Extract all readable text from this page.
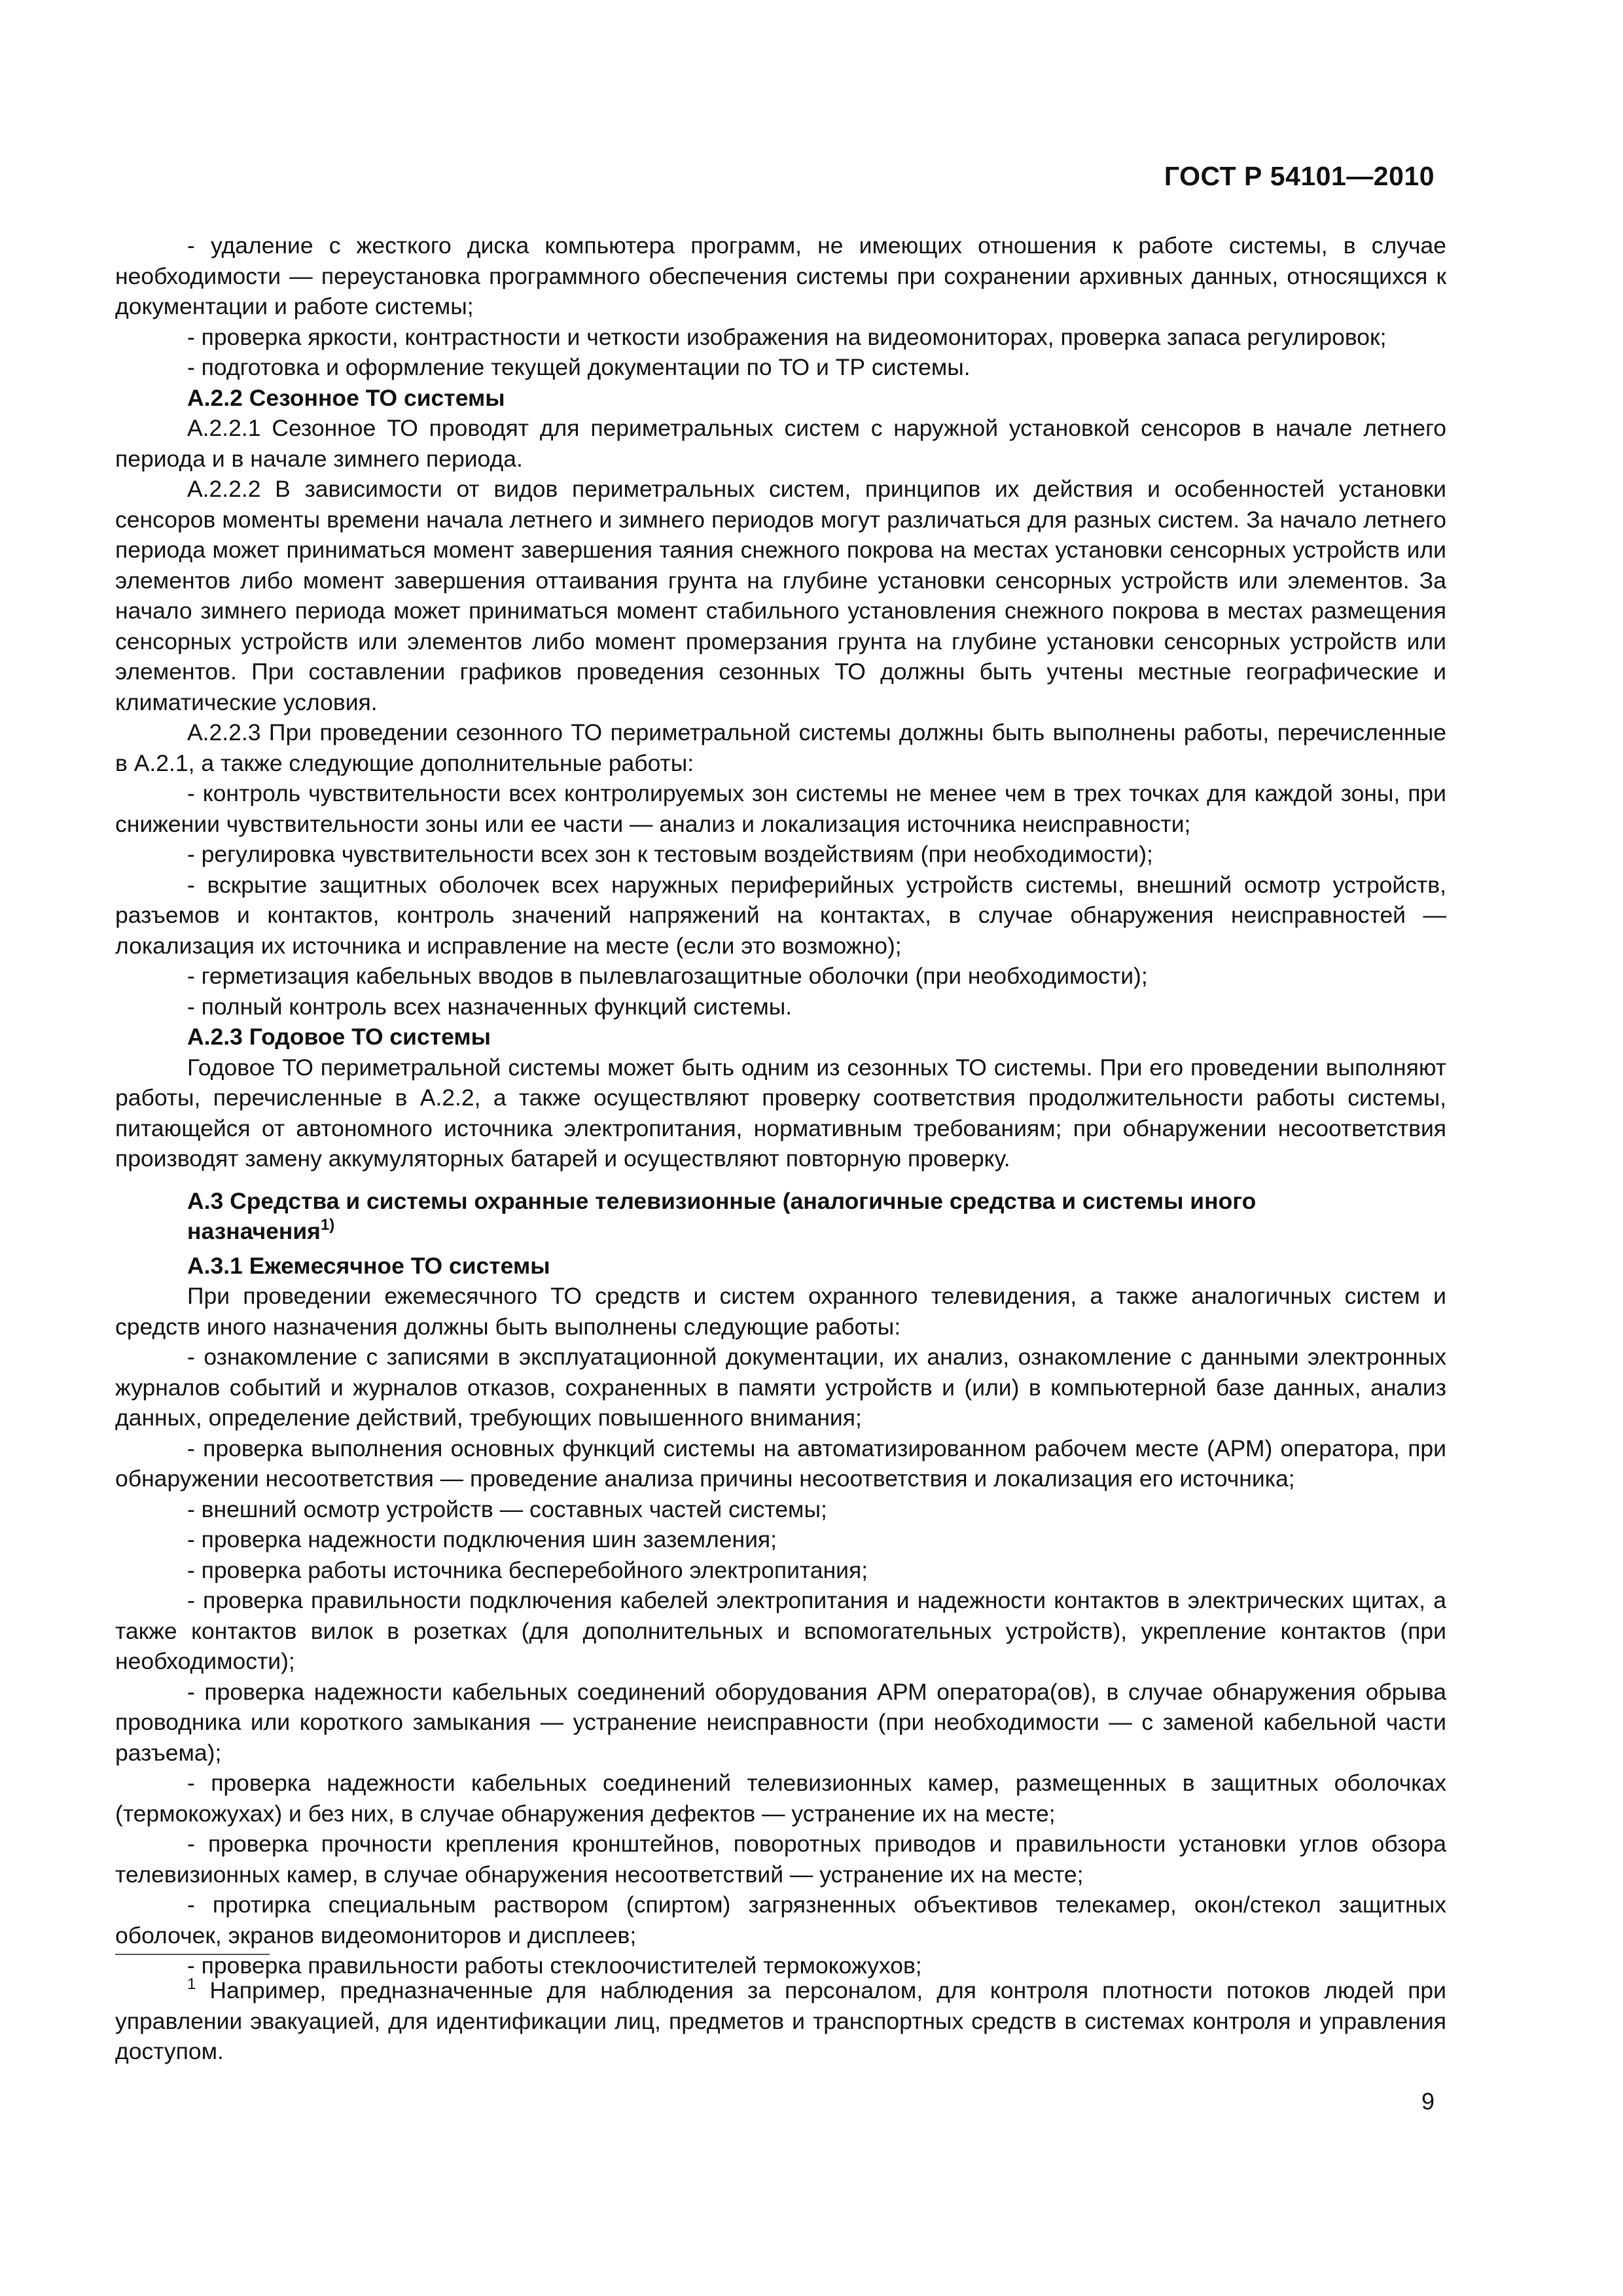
ГОСТ Р 54101—2010

- удаление с жесткого диска компьютера программ, не имеющих отношения к работе системы, в случае необходимости — переустановка программного обеспечения системы при сохранении архивных данных, относящихся к документации и работе системы;

- проверка яркости, контрастности и четкости изображения на видеомониторах, проверка запаса регулировок;

- подготовка и оформление текущей документации по ТО и ТР системы.

А.2.2 Сезонное ТО системы

А.2.2.1 Сезонное ТО проводят для периметральных систем с наружной установкой сенсоров в начале летнего периода и в начале зимнего периода.

А.2.2.2 В зависимости от видов периметральных систем, принципов их действия и особенностей установки сенсоров моменты времени начала летнего и зимнего периодов могут различаться для разных систем. За начало летнего периода может приниматься момент завершения таяния снежного покрова на местах установки сенсорных устройств или элементов либо момент завершения оттаивания грунта на глубине установки сенсорных устройств или элементов. За начало зимнего периода может приниматься момент стабильного установления снежного покрова в местах размещения сенсорных устройств или элементов либо момент промерзания грунта на глубине установки сенсорных устройств или элементов. При составлении графиков проведения сезонных ТО должны быть учтены местные географические и климатические условия.

А.2.2.3 При проведении сезонного ТО периметральной системы должны быть выполнены работы, перечисленные в А.2.1, а также следующие дополнительные работы:

- контроль чувствительности всех контролируемых зон системы не менее чем в трех точках для каждой зоны, при снижении чувствительности зоны или ее части — анализ и локализация источника неисправности;

- регулировка чувствительности всех зон к тестовым воздействиям (при необходимости);

- вскрытие защитных оболочек всех наружных периферийных устройств системы, внешний осмотр устройств, разъемов и контактов, контроль значений напряжений на контактах, в случае обнаружения неисправностей — локализация их источника и исправление на месте (если это возможно);

- герметизация кабельных вводов в пылевлагозащитные оболочки (при необходимости);

- полный контроль всех назначенных функций системы.

А.2.3 Годовое ТО системы

Годовое ТО периметральной системы может быть одним из сезонных ТО системы. При его проведении выполняют работы, перечисленные в А.2.2, а также осуществляют проверку соответствия продолжительности работы системы, питающейся от автономного источника электропитания, нормативным требованиям; при обнаружении несоответствия производят замену аккумуляторных батарей и осуществляют повторную проверку.

А.3 Средства и системы охранные телевизионные (аналогичные средства и системы иного
назначения$^{1)}$

А.3.1 Ежемесячное ТО системы

При проведении ежемесячного ТО средств и систем охранного телевидения, а также аналогичных систем и средств иного назначения должны быть выполнены следующие работы:

- ознакомление с записями в эксплуатационной документации, их анализ, ознакомление с данными электронных журналов событий и журналов отказов, сохраненных в памяти устройств и (или) в компьютерной базе данных, анализ данных, определение действий, требующих повышенного внимания;

- проверка выполнения основных функций системы на автоматизированном рабочем месте (АРМ) оператора, при обнаружении несоответствия — проведение анализа причины несоответствия и локализация его источника;

- внешний осмотр устройств — составных частей системы;

- проверка надежности подключения шин заземления;

- проверка работы источника бесперебойного электропитания;

- проверка правильности подключения кабелей электропитания и надежности контактов в электрических щитах, а также контактов вилок в розетках (для дополнительных и вспомогательных устройств), укрепление контактов (при необходимости);

- проверка надежности кабельных соединений оборудования АРМ оператора(ов), в случае обнаружения обрыва проводника или короткого замыкания — устранение неисправности (при необходимости — с заменой кабельной части разъема);

- проверка надежности кабельных соединений телевизионных камер, размещенных в защитных оболочках (термокожухах) и без них, в случае обнаружения дефектов — устранение их на месте;

- проверка прочности крепления кронштейнов, поворотных приводов и правильности установки углов обзора телевизионных камер, в случае обнаружения несоответствий — устранение их на месте;

- протирка специальным раствором (спиртом) загрязненных объективов телекамер, окон/стекол защитных оболочек, экранов видеомониторов и дисплеев;

- проверка правильности работы стеклоочистителей термокожухов;

$^1$ Например, предназначенные для наблюдения за персоналом, для контроля плотности потоков людей при управлении эвакуацией, для идентификации лиц, предметов и транспортных средств в системах контроля и управления доступом.

9
